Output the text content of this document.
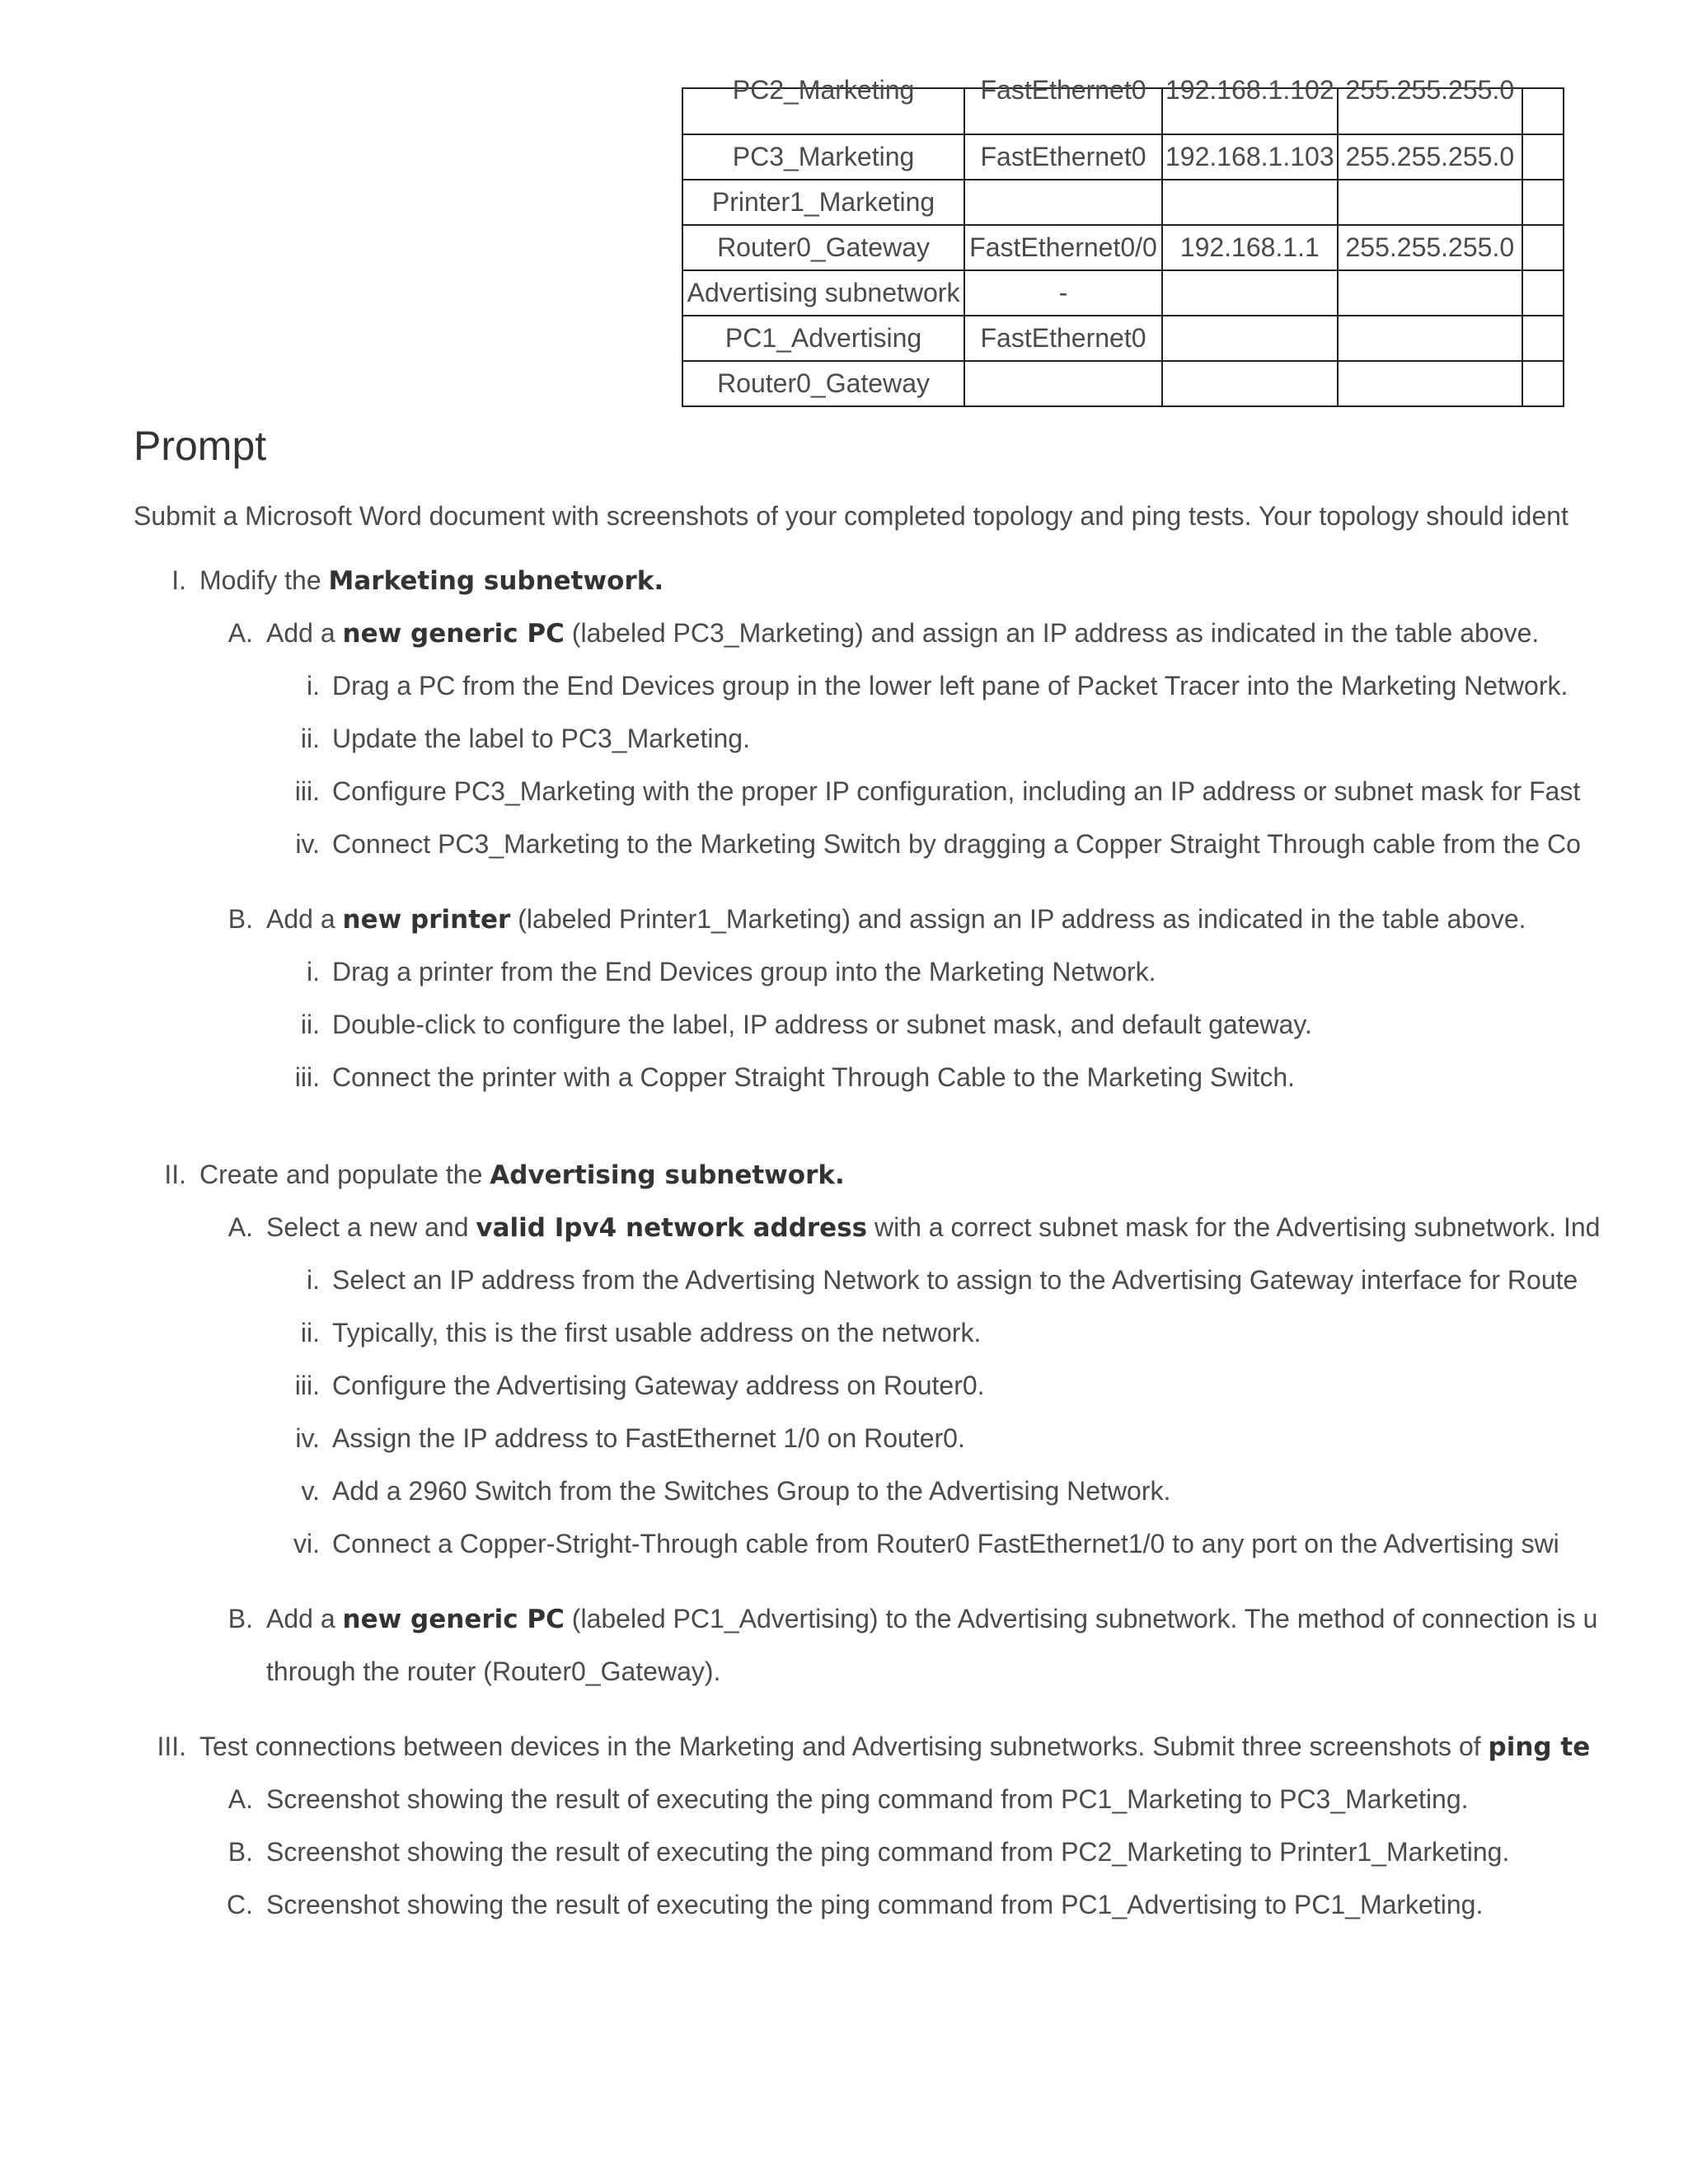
PC2_Marketing	FastEthernet0	192.168.1.102	255.255.255.0	
PC3_Marketing	FastEthernet0	192.168.1.103	255.255.255.0	
Printer1_Marketing				
Router0_Gateway	FastEthernet0/0	192.168.1.1	255.255.255.0	
Advertising subnetwork	-			
PC1_Advertising	FastEthernet0			
Router0_Gateway				
Prompt
Submit a Microsoft Word document with screenshots of your completed topology and ping tests. Your topology should ident
I. Modify the Marketing subnetwork.
A. Add a new generic PC (labeled PC3_Marketing) and assign an IP address as indicated in the table above.
i. Drag a PC from the End Devices group in the lower left pane of Packet Tracer into the Marketing Network.
ii. Update the label to PC3_Marketing.
iii. Configure PC3_Marketing with the proper IP configuration, including an IP address or subnet mask for Fast
iv. Connect PC3_Marketing to the Marketing Switch by dragging a Copper Straight Through cable from the Co
B. Add a new printer (labeled Printer1_Marketing) and assign an IP address as indicated in the table above.
i. Drag a printer from the End Devices group into the Marketing Network.
ii. Double-click to configure the label, IP address or subnet mask, and default gateway.
iii. Connect the printer with a Copper Straight Through Cable to the Marketing Switch.
II. Create and populate the Advertising subnetwork.
A. Select a new and valid Ipv4 network address with a correct subnet mask for the Advertising subnetwork. Ind
i. Select an IP address from the Advertising Network to assign to the Advertising Gateway interface for Route
ii. Typically, this is the first usable address on the network.
iii. Configure the Advertising Gateway address on Router0.
iv. Assign the IP address to FastEthernet 1/0 on Router0.
v. Add a 2960 Switch from the Switches Group to the Advertising Network.
vi. Connect a Copper-Stright-Through cable from Router0 FastEthernet1/0 to any port on the Advertising swi
B. Add a new generic PC (labeled PC1_Advertising) to the Advertising subnetwork. The method of connection is u
through the router (Router0_Gateway).
III. Test connections between devices in the Marketing and Advertising subnetworks. Submit three screenshots of ping te
A. Screenshot showing the result of executing the ping command from PC1_Marketing to PC3_Marketing.
B. Screenshot showing the result of executing the ping command from PC2_Marketing to Printer1_Marketing.
C. Screenshot showing the result of executing the ping command from PC1_Advertising to PC1_Marketing.
